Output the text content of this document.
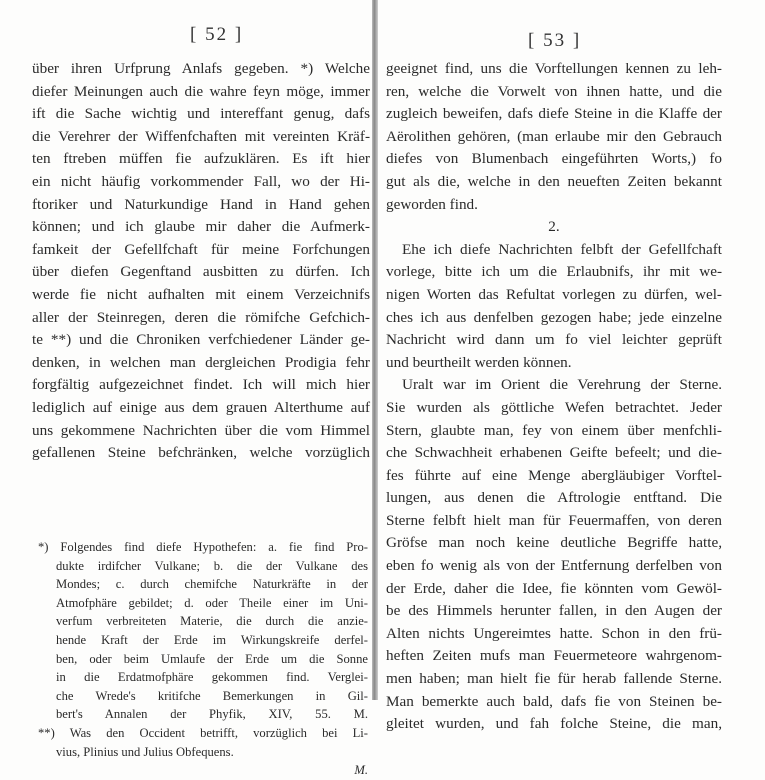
[ 52 ]
über ihren Urfprung Anlafs gegeben. *) Welche
diefer Meinungen auch die wahre feyn möge, immer
ift die Sache wichtig und intereffant genug, dafs
die Verehrer der Wiffenfchaften mit vereinten Kräf-
ten ftreben müffen fie aufzuklären. Es ift hier
ein nicht häufig vorkommender Fall, wo der Hi-
ftoriker und Naturkundige Hand in Hand gehen
können; und ich glaube mir daher die Aufmerk-
famkeit der Gefellfchaft für meine Forfchungen
über diefen Gegenftand ausbitten zu dürfen. Ich
werde fie nicht aufhalten mit einem Verzeichnifs
aller der Steinregen, deren die römifche Gefchich-
te **) und die Chroniken verfchiedener Länder ge-
denken, in welchen man dergleichen Prodigia fehr
forgfältig aufgezeichnet findet. Ich will mich hier
lediglich auf einige aus dem grauen Alterthume auf
uns gekommene Nachrichten über die vom Himmel
gefallenen Steine befchränken, welche vorzüglich
*) Folgendes find diefe Hypothefen: a. fie find Pro-
dukte irdifcher Vulkane; b. die der Vulkane des
Mondes; c. durch chemifche Naturkräfte in der
Atmofphäre gebildet; d. oder Theile einer im Uni-
verfum verbreiteten Materie, die durch die anzie-
hende Kraft der Erde im Wirkungskreife derfel-
ben, oder beim Umlaufe der Erde um die Sonne
in die Erdatmofphäre gekommen find. Verglei-
che Wrede's kritifche Bemerkungen in Gil-
bert's Annalen der Phyfik, XIV, 55. M.
**) Was den Occident betrifft, vorzüglich bei Li-
vius, Plinius und Julius Obfequens.
M.
[ 53 ]
geeignet find, uns die Vorftellungen kennen zu leh-
ren, welche die Vorwelt von ihnen hatte, und die
zugleich beweifen, dafs diefe Steine in die Klaffe der
Aërolithen gehören, (man erlaube mir den Gebrauch
diefes von Blumenbach eingeführten Worts,) fo
gut als die, welche in den neueften Zeiten bekannt
geworden find.
2.
Ehe ich diefe Nachrichten felbft der Gefellfchaft
vorlege, bitte ich um die Erlaubnifs, ihr mit we-
nigen Worten das Refultat vorlegen zu dürfen, wel-
ches ich aus denfelben gezogen habe; jede einzelne
Nachricht wird dann um fo viel leichter geprüft
und beurtheilt werden können.
Uralt war im Orient die Verehrung der Sterne.
Sie wurden als göttliche Wefen betrachtet. Jeder
Stern, glaubte man, fey von einem über menfchli-
che Schwachheit erhabenen Geifte befeelt; und die-
fes führte auf eine Menge abergläubiger Vorftel-
lungen, aus denen die Aftrologie entftand. Die
Sterne felbft hielt man für Feuermaffen, von deren
Gröfse man noch keine deutliche Begriffe hatte,
eben fo wenig als von der Entfernung derfelben von
der Erde, daher die Idee, fie könnten vom Gewöl-
be des Himmels herunter fallen, in den Augen der
Alten nichts Ungereimtes hatte. Schon in den frü-
heften Zeiten mufs man Feuermeteore wahrgenom-
men haben; man hielt fie für herab fallende Sterne.
Man bemerkte auch bald, dafs fie von Steinen be-
gleitet wurden, und fah folche Steine, die man,
